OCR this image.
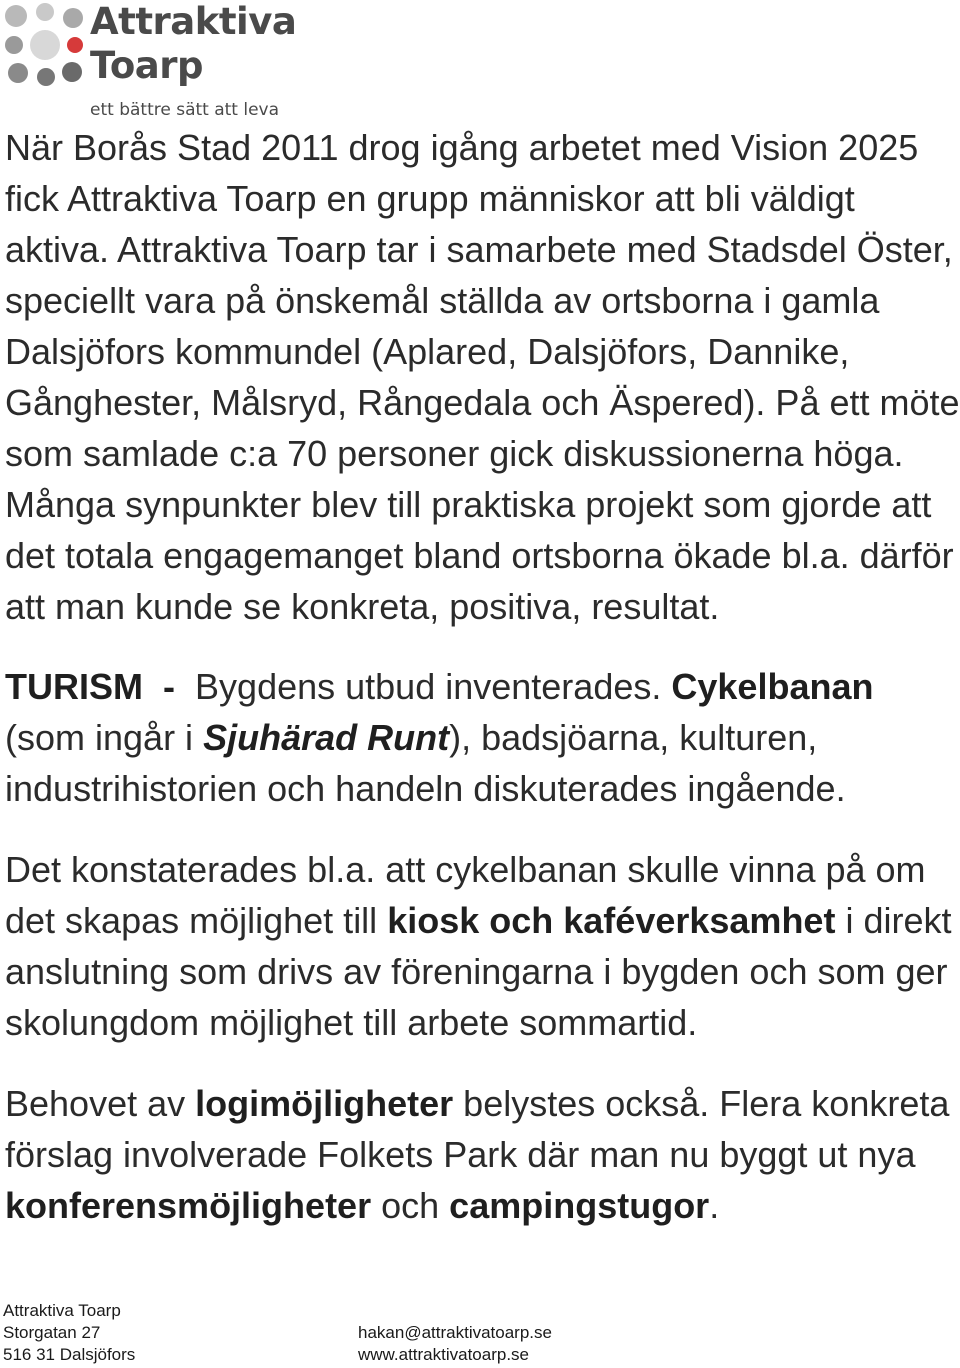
Attraktiva
Toarp
ett bättre sätt att leva

När Borås Stad 2011 drog igång arbetet med Vision 2025 fick Attraktiva Toarp en grupp människor att bli väldigt aktiva. Attraktiva Toarp tar i samarbete med Stadsdel Öster, speciellt vara på önskemål ställda av ortsborna i gamla Dalsjöfors kommundel (Aplared, Dalsjöfors, Dannike, Gånghester, Målsryd, Rångedala och Äspered). På ett möte som samlade c:a 70 personer gick diskussionerna höga. Många synpunkter blev till praktiska projekt som gjorde att det totala engagemanget bland ortsborna ökade bl.a. därför att man kunde se konkreta, positiva, resultat.

TURISM - Bygdens utbud inventerades. Cykelbanan (som ingår i Sjuhärad Runt), badsjöarna, kulturen, industrihistorien och handeln diskuterades ingående.

Det konstaterades bl.a. att cykelbanan skulle vinna på om det skapas möjlighet till kiosk och kaféverksamhet i direkt anslutning som drivs av föreningarna i bygden och som ger skolungdom möjlighet till arbete sommartid.

Behovet av logimöjligheter belystes också. Flera konkreta förslag involverade Folkets Park där man nu byggt ut nya konferensmöjligheter och campingstugor.

Attraktiva Toarp
Storgatan 27
516 31 Dalsjöfors
hakan@attraktivatoarp.se
www.attraktivatoarp.se
